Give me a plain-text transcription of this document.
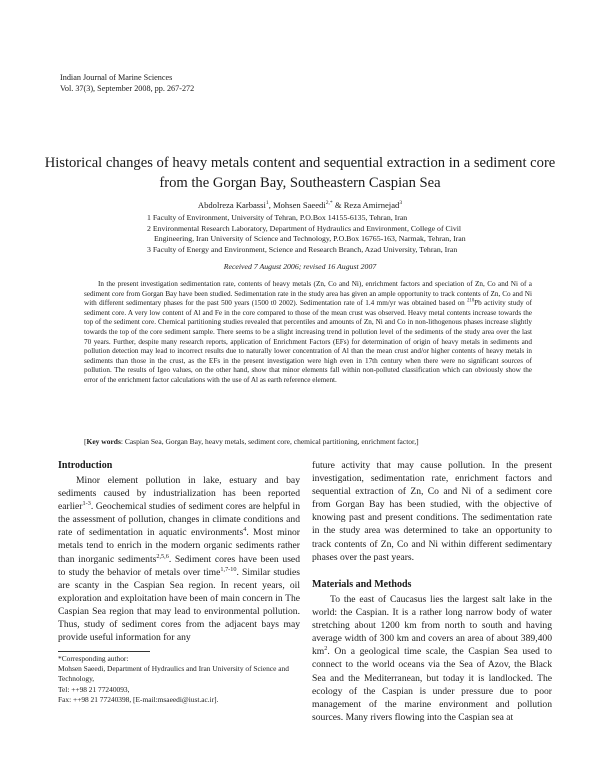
Indian Journal of Marine Sciences
Vol. 37(3), September 2008, pp. 267-272
Historical changes of heavy metals content and sequential extraction in a sediment core from the Gorgan Bay, Southeastern Caspian Sea
Abdolreza Karbassi$^1$, Mohsen Saeedi$^{2,*}$ & Reza Amirnejad$^3$
1 Faculty of Environment, University of Tehran, P.O.Box 14155-6135, Tehran, Iran
2 Environmental Research Laboratory, Department of Hydraulics and Environment, College of Civil
Engineering, Iran University of Science and Technology, P.O.Box 16765-163, Narmak, Tehran, Iran
3 Faculty of Energy and Environment, Science and Research Branch, Azad University, Tehran, Iran
Received 7 August 2006; revised 16 August 2007

In the present investigation sedimentation rate, contents of heavy metals (Zn, Co and Ni), enrichment factors and speciation of Zn, Co and Ni of a sediment core from Gorgan Bay have been studied. Sedimentation rate in the study area has given an ample opportunity to track contents of Zn, Co and Ni with different sedimentary phases for the past 500 years (1500 t0 2002). Sedimentation rate of 1.4 mm/yr was obtained based on $^{210}$Pb activity study of sediment core. A very low content of Al and Fe in the core compared to those of the mean crust was observed. Heavy metal contents increase towards the top of the sediment core. Chemical partitioning studies revealed that percentiles and amounts of Zn, Ni and Co in non-lithogenous phases increase slightly towards the top of the core sediment sample. There seems to be a slight increasing trend in pollution level of the sediments of the study area over the last 70 years. Further, despite many research reports, application of Enrichment Factors (EFs) for determination of origin of heavy metals in sediments and pollution detection may lead to incorrect results due to naturally lower concentration of Al than the mean crust and/or higher contents of heavy metals in sediments than those in the crust, as the EFs in the present investigation were high even in 17th century when there were no significant sources of pollution. The results of Igeo values, on the other hand, show that minor elements fall within non-polluted classification which can obviously show the error of the enrichment factor calculations with the use of Al as earth reference element.

[Key words: Caspian Sea, Gorgan Bay, heavy metals, sediment core, chemical partitioning, enrichment factor,]
Introduction

Minor element pollution in lake, estuary and bay sediments caused by industrialization has been reported earlier$^{1-3}$. Geochemical studies of sediment cores are helpful in the assessment of pollution, changes in climate conditions and rate of sedimentation in aquatic environments$^4$. Most minor metals tend to enrich in the modern organic sediments rather than inorganic sediments$^{2,5,6}$. Sediment cores have been used to study the behavior of metals over time$^{1,7-10}$. Similar studies are scanty in the Caspian Sea region. In recent years, oil exploration and exploitation have been of main concern in The Caspian Sea region that may lead to environmental pollution. Thus, study of sediment cores from the adjacent bays may provide useful information for any

future activity that may cause pollution. In the present investigation, sedimentation rate, enrichment factors and sequential extraction of Zn, Co and Ni of a sediment core from Gorgan Bay has been studied, with the objective of knowing past and present conditions. The sedimentation rate in the study area was determined to take an opportunity to track contents of Zn, Co and Ni within different sedimentary phases over the past years.

Materials and Methods

To the east of Caucasus lies the largest salt lake in the world: the Caspian. It is a rather long narrow body of water stretching about 1200 km from north to south and having average width of 300 km and covers an area of about 389,400 $km^2$. On a geological time scale, the Caspian Sea used to connect to the world oceans via the Sea of Azov, the Black Sea and the Mediterranean, but today it is landlocked. The ecology of the Caspian is under pressure due to poor management of the marine environment and pollution sources. Many rivers flowing into the Caspian sea at

*Corresponding author:
Mohsen Saeedi, Department of Hydraulics and Iran University of Science and Technology,
Tel: ++98 21 77240093,
Fax: ++98 21 77240398, [E-mail:msaeedi@iust.ac.ir].
